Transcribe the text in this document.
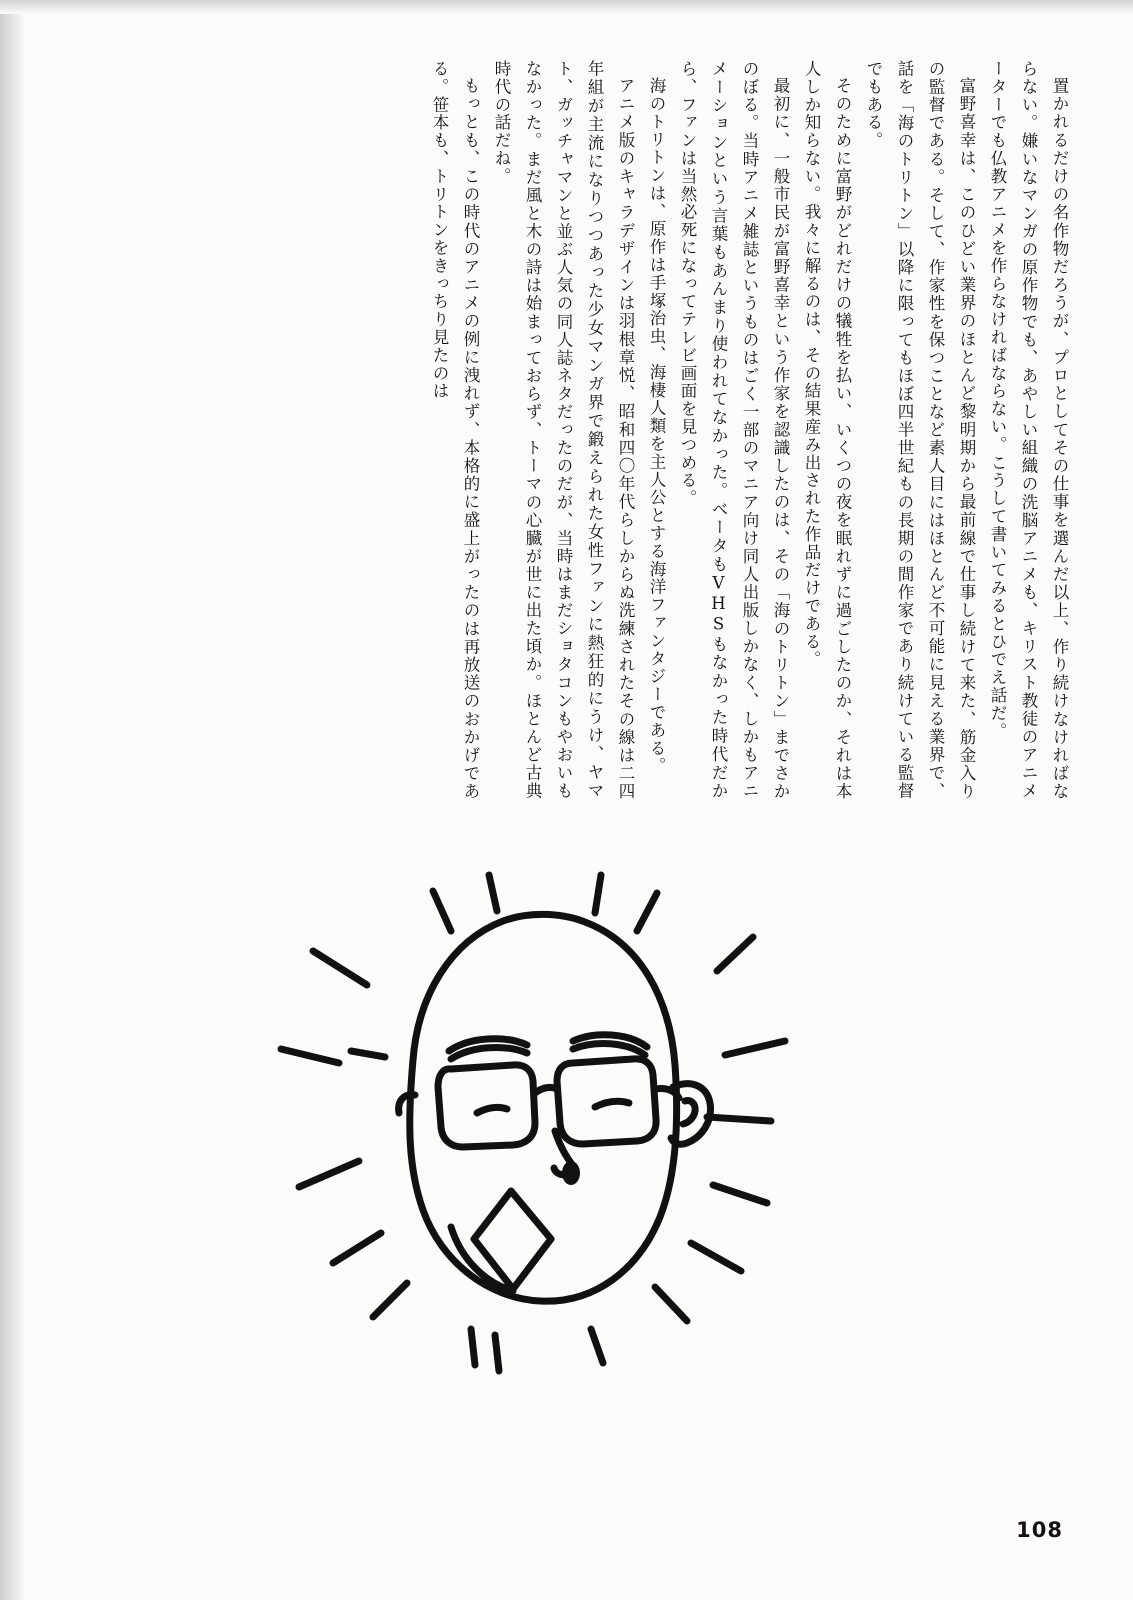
置かれるだけの名作物だろうが、プロとしてその仕事を選んだ以上、作り続けなければならない。嫌いなマンガの原作物でも、あやしい組織の洗脳アニメも、キリスト教徒のアニメーターでも仏教アニメを作らなければならない。こうして書いてみるとひでえ話だ。
富野喜幸は、このひどい業界のほとんど黎明期から最前線で仕事し続けて来た、筋金入りの監督である。そして、作家性を保つことなど素人目にはほとんど不可能に見える業界で、話を「海のトリトン」以降に限ってもほぼ四半世紀もの長期の間作家であり続けている監督でもある。
そのために富野がどれだけの犠牲を払い、いくつの夜を眠れずに過ごしたのか、それは本人しか知らない。我々に解るのは、その結果産み出された作品だけである。
最初に、一般市民が富野喜幸という作家を認識したのは、その「海のトリトン」までさかのぼる。当時アニメ雑誌というものはごく一部のマニア向け同人出版しかなく、しかもアニメーションという言葉もあんまり使われてなかった。ベータもVHSもなかった時代だから、ファンは当然必死になってテレビ画面を見つめる。
海のトリトンは、原作は手塚治虫、海棲人類を主人公とする海洋ファンタジーである。
アニメ版のキャラデザインは羽根章悦、昭和四〇年代らしからぬ洗練されたその線は二四年組が主流になりつつあった少女マンガ界で鍛えられた女性ファンに熱狂的にうけ、ヤマト、ガッチャマンと並ぶ人気の同人誌ネタだったのだが、当時はまだショタコンもやおいもなかった。まだ風と木の詩は始まっておらず、トーマの心臓が世に出た頃か。ほとんど古典時代の話だね。
もっとも、この時代のアニメの例に洩れず、本格的に盛上がったのは再放送のおかげである。笹本も、トリトンをきっちり見たのは
108
